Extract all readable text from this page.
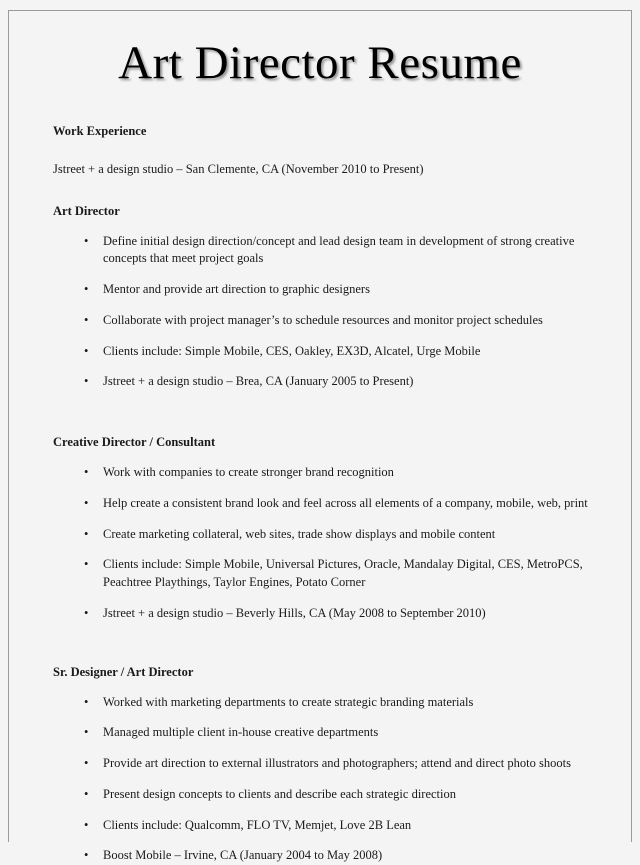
Art Director Resume
Work Experience
Jstreet + a design studio – San Clemente, CA (November 2010 to Present)
Art Director
• Define initial design direction/concept and lead design team in development of strong creative concepts that meet project goals
• Mentor and provide art direction to graphic designers
• Collaborate with project manager’s to schedule resources and monitor project schedules
• Clients include: Simple Mobile, CES, Oakley, EX3D, Alcatel, Urge Mobile
• Jstreet + a design studio – Brea, CA (January 2005 to Present)
Creative Director / Consultant
• Work with companies to create stronger brand recognition
• Help create a consistent brand look and feel across all elements of a company, mobile, web, print
• Create marketing collateral, web sites, trade show displays and mobile content
• Clients include: Simple Mobile, Universal Pictures, Oracle, Mandalay Digital, CES, MetroPCS, Peachtree Playthings, Taylor Engines, Potato Corner
• Jstreet + a design studio – Beverly Hills, CA (May 2008 to September 2010)
Sr. Designer / Art Director
• Worked with marketing departments to create strategic branding materials
• Managed multiple client in-house creative departments
• Provide art direction to external illustrators and photographers; attend and direct photo shoots
• Present design concepts to clients and describe each strategic direction
• Clients include: Qualcomm, FLO TV, Memjet, Love 2B Lean
• Boost Mobile – Irvine, CA (January 2004 to May 2008)
